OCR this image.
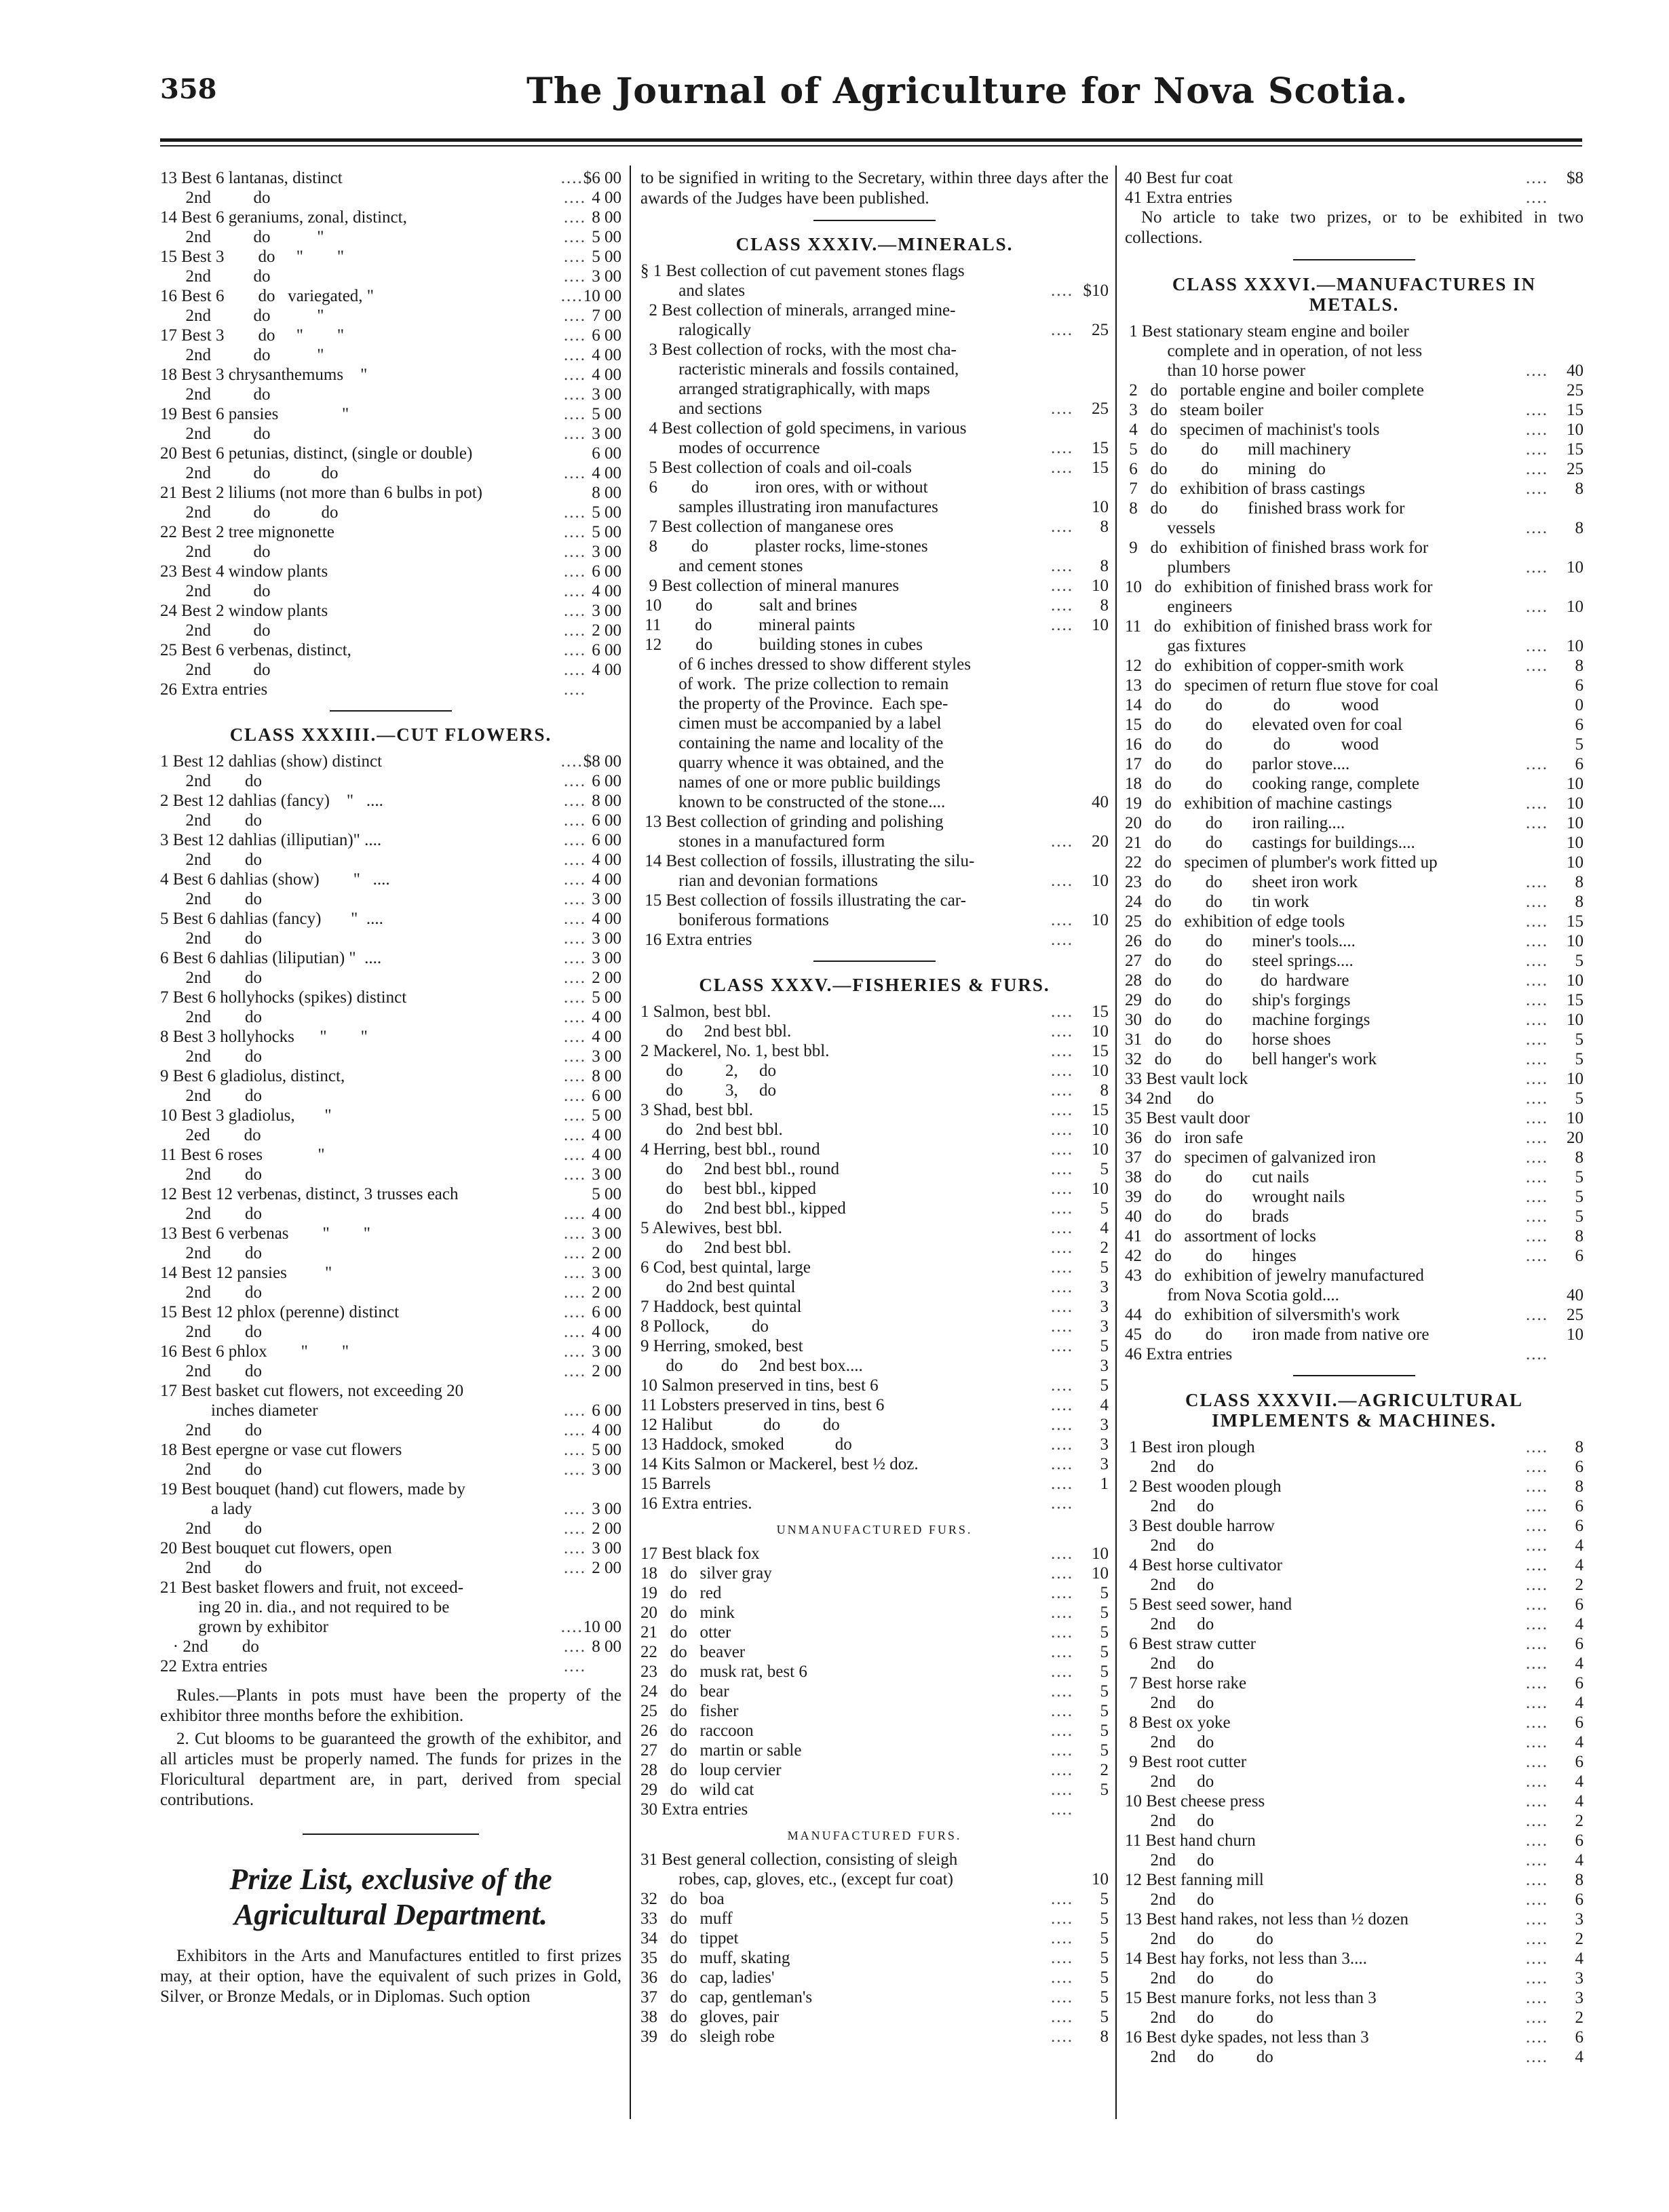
358	The Journal of Agriculture for Nova Scotia.
13 Best 6 lantanas, distinct	.... $6 00
2nd          do	.... 4 00
14 Best 6 geraniums, zonal, distinct,	.... 8 00
2nd          do           "	.... 5 00
15 Best 3        do     "        "	.... 5 00
2nd          do	.... 3 00
16 Best 6        do   variegated, "	.... 10 00
2nd          do           "	.... 7 00
17 Best 3        do     "        "	.... 6 00
2nd          do           "	.... 4 00
18 Best 3 chrysanthemums    "	.... 4 00
2nd          do	.... 3 00
19 Best 6 pansies               "	.... 5 00
2nd          do	.... 3 00
20 Best 6 petunias, distinct, (single or double)	6 00
2nd          do            do	.... 4 00
21 Best 2 liliums (not more than 6 bulbs in pot)	8 00
2nd          do            do	.... 5 00
22 Best 2 tree mignonette	.... 5 00
2nd          do	.... 3 00
23 Best 4 window plants	.... 6 00
2nd          do	.... 4 00
24 Best 2 window plants	.... 3 00
2nd          do	.... 2 00
25 Best 6 verbenas, distinct,	.... 6 00
2nd          do	.... 4 00
26 Extra entries	....
CLASS XXXIII.—CUT FLOWERS.
1 Best 12 dahlias (show) distinct	.... $8 00
2nd        do	.... 6 00
2 Best 12 dahlias (fancy)    "   ....	.... 8 00
2nd        do	.... 6 00
3 Best 12 dahlias (illiputian)" ....	.... 6 00
2nd        do	.... 4 00
4 Best 6 dahlias (show)        "   ....	.... 4 00
2nd        do	.... 3 00
5 Best 6 dahlias (fancy)       "  ....	.... 4 00
2nd        do	.... 3 00
6 Best 6 dahlias (liliputian) "  ....	.... 3 00
2nd        do	.... 2 00
7 Best 6 hollyhocks (spikes) distinct	.... 5 00
2nd        do	.... 4 00
8 Best 3 hollyhocks      "        "	.... 4 00
2nd        do	.... 3 00
9 Best 6 gladiolus, distinct,	.... 8 00
2nd        do	.... 6 00
10 Best 3 gladiolus,       "	.... 5 00
2ed        do	.... 4 00
11 Best 6 roses             "	.... 4 00
2nd        do	.... 3 00
12 Best 12 verbenas, distinct, 3 trusses each	5 00
2nd        do	.... 4 00
13 Best 6 verbenas        "        "	.... 3 00
2nd        do	.... 2 00
14 Best 12 pansies         "	.... 3 00
2nd        do	.... 2 00
15 Best 12 phlox (perenne) distinct	.... 6 00
2nd        do	.... 4 00
16 Best 6 phlox        "        "	.... 3 00
2nd        do	.... 2 00
17 Best basket cut flowers, not exceeding 20
inches diameter	.... 6 00
2nd        do	.... 4 00
18 Best epergne or vase cut flowers	.... 5 00
2nd        do	.... 3 00
19 Best bouquet (hand) cut flowers, made by
a lady	.... 3 00
2nd        do	.... 2 00
20 Best bouquet cut flowers, open	.... 3 00
2nd        do	.... 2 00
21 Best basket flowers and fruit, not exceed-
ing 20 in. dia., and not required to be
grown by exhibitor	.... 10 00
· 2nd        do	.... 8 00
22 Extra entries	....

Rules.—Plants in pots must have been the property of the exhibitor three months before the exhibition.

2. Cut blooms to be guaranteed the growth of the exhibitor, and all articles must be properly named. The funds for prizes in the Floricultural department are, in part, derived from special contributions.

Prize List, exclusive of the Agricultural Department.

Exhibitors in the Arts and Manufactures entitled to first prizes may, at their option, have the equivalent of such prizes in Gold, Silver, or Bronze Medals, or in Diplomas. Such option

to be signified in writing to the Secretary, within three days after the awards of the Judges have been published.

CLASS XXXIV.—MINERALS.
§ 1 Best collection of cut pavement stones flags
and slates	.... $10
2 Best collection of minerals, arranged mine-
ralogically	....	25
3 Best collection of rocks, with the most cha-
racteristic minerals and fossils contained,
arranged stratigraphically, with maps
and sections	....	25
4 Best collection of gold specimens, in various
modes of occurrence	....	15
5 Best collection of coals and oil-coals	....	15
6        do           iron ores, with or without
samples illustrating iron manufactures	10
7 Best collection of manganese ores	....	8
8        do           plaster rocks, lime-stones
and cement stones	....	8
9 Best collection of mineral manures	....	10
10        do           salt and brines	....	8
11        do           mineral paints	....	10
12        do           building stones in cubes
of 6 inches dressed to show different styles
of work.  The prize collection to remain
the property of the Province.  Each spe-
cimen must be accompanied by a label
containing the name and locality of the
quarry whence it was obtained, and the
names of one or more public buildings
known to be constructed of the stone....	40
13 Best collection of grinding and polishing
stones in a manufactured form	....	20
14 Best collection of fossils, illustrating the silu-
rian and devonian formations	....	10
15 Best collection of fossils illustrating the car-
boniferous formations	....	10
16 Extra entries	....
CLASS XXXV.—FISHERIES & FURS.
1 Salmon, best bbl.	....	15
do     2nd best bbl.	....	10
2 Mackerel, No. 1, best bbl.	....	15
do          2,     do	....	10
do          3,     do	....	8
3 Shad, best bbl.	....	15
do   2nd best bbl.	....	10
4 Herring, best bbl., round	....	10
do     2nd best bbl., round	....	5
do     best bbl., kipped	....	10
do     2nd best bbl., kipped	....	5
5 Alewives, best bbl.	....	4
do     2nd best bbl.	....	2
6 Cod, best quintal, large	....	5
do 2nd best quintal	....	3
7 Haddock, best quintal	....	3
8 Pollock,          do	....	3
9 Herring, smoked, best	....	5
do         do     2nd best box....	3
10 Salmon preserved in tins, best 6	....	5
11 Lobsters preserved in tins, best 6	....	4
12 Halibut            do          do	....	3
13 Haddock, smoked            do	....	3
14 Kits Salmon or Mackerel, best ½ doz.	....	3
15 Barrels	....	1
16 Extra entries.	....
UNMANUFACTURED FURS.
17 Best black fox	....	10
18   do   silver gray	....	10
19   do   red	....	5
20   do   mink	....	5
21   do   otter	....	5
22   do   beaver	....	5
23   do   musk rat, best 6	....	5
24   do   bear	....	5
25   do   fisher	....	5
26   do   raccoon	....	5
27   do   martin or sable	....	5
28   do   loup cervier	....	2
29   do   wild cat	....	5
30 Extra entries	....
MANUFACTURED FURS.
31 Best general collection, consisting of sleigh
robes, cap, gloves, etc., (except fur coat)	10
32   do   boa	....	5
33   do   muff	....	5
34   do   tippet	....	5
35   do   muff, skating	....	5
36   do   cap, ladies'	....	5
37   do   cap, gentleman's	....	5
38   do   gloves, pair	....	5
39   do   sleigh robe	....	8
40 Best fur coat	....	$8
41 Extra entries	....

No article to take two prizes, or to be exhibited in two collections.

CLASS XXXVI.—MANUFACTURES IN METALS.
1 Best stationary steam engine and boiler
complete and in operation, of not less
than 10 horse power	....	40
2   do   portable engine and boiler complete	25
3   do   steam boiler	....	15
4   do   specimen of machinist's tools	....	10
5   do        do       mill machinery	....	15
6   do        do       mining   do	....	25
7   do   exhibition of brass castings	....	8
8   do        do       finished brass work for
vessels	....	8
9   do   exhibition of finished brass work for
plumbers	....	10
10   do   exhibition of finished brass work for
engineers	....	10
11   do   exhibition of finished brass work for
gas fixtures	....	10
12   do   exhibition of copper-smith work	....	8
13   do   specimen of return flue stove for coal	6
14   do        do            do            wood	0
15   do        do       elevated oven for coal	6
16   do        do            do            wood	5
17   do        do       parlor stove....	....	6
18   do        do       cooking range, complete	10
19   do   exhibition of machine castings	....	10
20   do        do       iron railing....	....	10
21   do        do       castings for buildings....	10
22   do   specimen of plumber's work fitted up	10
23   do        do       sheet iron work	....	8
24   do        do       tin work	....	8
25   do   exhibition of edge tools	....	15
26   do        do       miner's tools....	....	10
27   do        do       steel springs....	....	5
28   do        do         do  hardware	....	10
29   do        do       ship's forgings	....	15
30   do        do       machine forgings	....	10
31   do        do       horse shoes	....	5
32   do        do       bell hanger's work	....	5
33 Best vault lock	....	10
34 2nd      do	....	5
35 Best vault door	....	10
36   do   iron safe	....	20
37   do   specimen of galvanized iron	....	8
38   do        do       cut nails	....	5
39   do        do       wrought nails	....	5
40   do        do       brads	....	5
41   do   assortment of locks	....	8
42   do        do       hinges	....	6
43   do   exhibition of jewelry manufactured
from Nova Scotia gold....	40
44   do   exhibition of silversmith's work	....	25
45   do        do       iron made from native ore	10
46 Extra entries	....
CLASS XXXVII.—AGRICULTURAL IMPLEMENTS & MACHINES.
1 Best iron plough	....	8
2nd     do	....	6
2 Best wooden plough	....	8
2nd     do	....	6
3 Best double harrow	....	6
2nd     do	....	4
4 Best horse cultivator	....	4
2nd     do	....	2
5 Best seed sower, hand	....	6
2nd     do	....	4
6 Best straw cutter	....	6
2nd     do	....	4
7 Best horse rake	....	6
2nd     do	....	4
8 Best ox yoke	....	6
2nd     do	....	4
9 Best root cutter	....	6
2nd     do	....	4
10 Best cheese press	....	4
2nd     do	....	2
11 Best hand churn	....	6
2nd     do	....	4
12 Best fanning mill	....	8
2nd     do	....	6
13 Best hand rakes, not less than ½ dozen	....	3
2nd     do          do	....	2
14 Best hay forks, not less than 3....	....	4
2nd     do          do	....	3
15 Best manure forks, not less than 3	....	3
2nd     do          do	....	2
16 Best dyke spades, not less than 3	....	6
2nd     do          do	....	4
